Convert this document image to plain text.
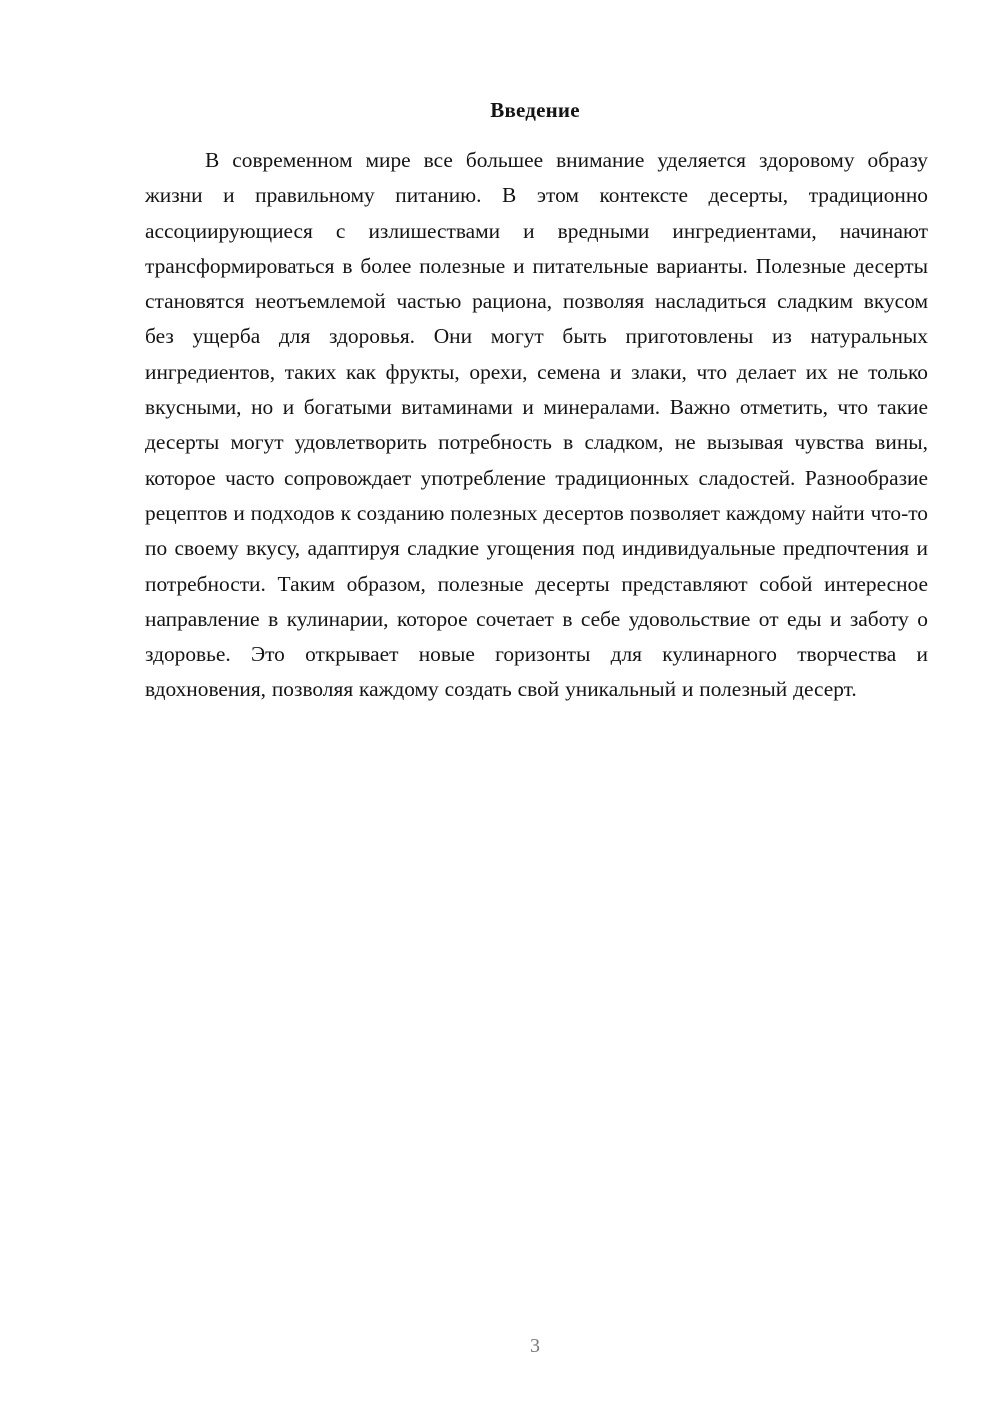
Введение

В современном мире все большее внимание уделяется здоровому образу жизни и правильному питанию. В этом контексте десерты, традиционно ассоциирующиеся с излишествами и вредными ингредиентами, начинают трансформироваться в более полезные и питательные варианты. Полезные десерты становятся неотъемлемой частью рациона, позволяя насладиться сладким вкусом без ущерба для здоровья. Они могут быть приготовлены из натуральных ингредиентов, таких как фрукты, орехи, семена и злаки, что делает их не только вкусными, но и богатыми витаминами и минералами. Важно отметить, что такие десерты могут удовлетворить потребность в сладком, не вызывая чувства вины, которое часто сопровождает употребление традиционных сладостей. Разнообразие рецептов и подходов к созданию полезных десертов позволяет каждому найти что-то по своему вкусу, адаптируя сладкие угощения под индивидуальные предпочтения и потребности. Таким образом, полезные десерты представляют собой интересное направление в кулинарии, которое сочетает в себе удовольствие от еды и заботу о здоровье. Это открывает новые горизонты для кулинарного творчества и вдохновения, позволяя каждому создать свой уникальный и полезный десерт.

3
